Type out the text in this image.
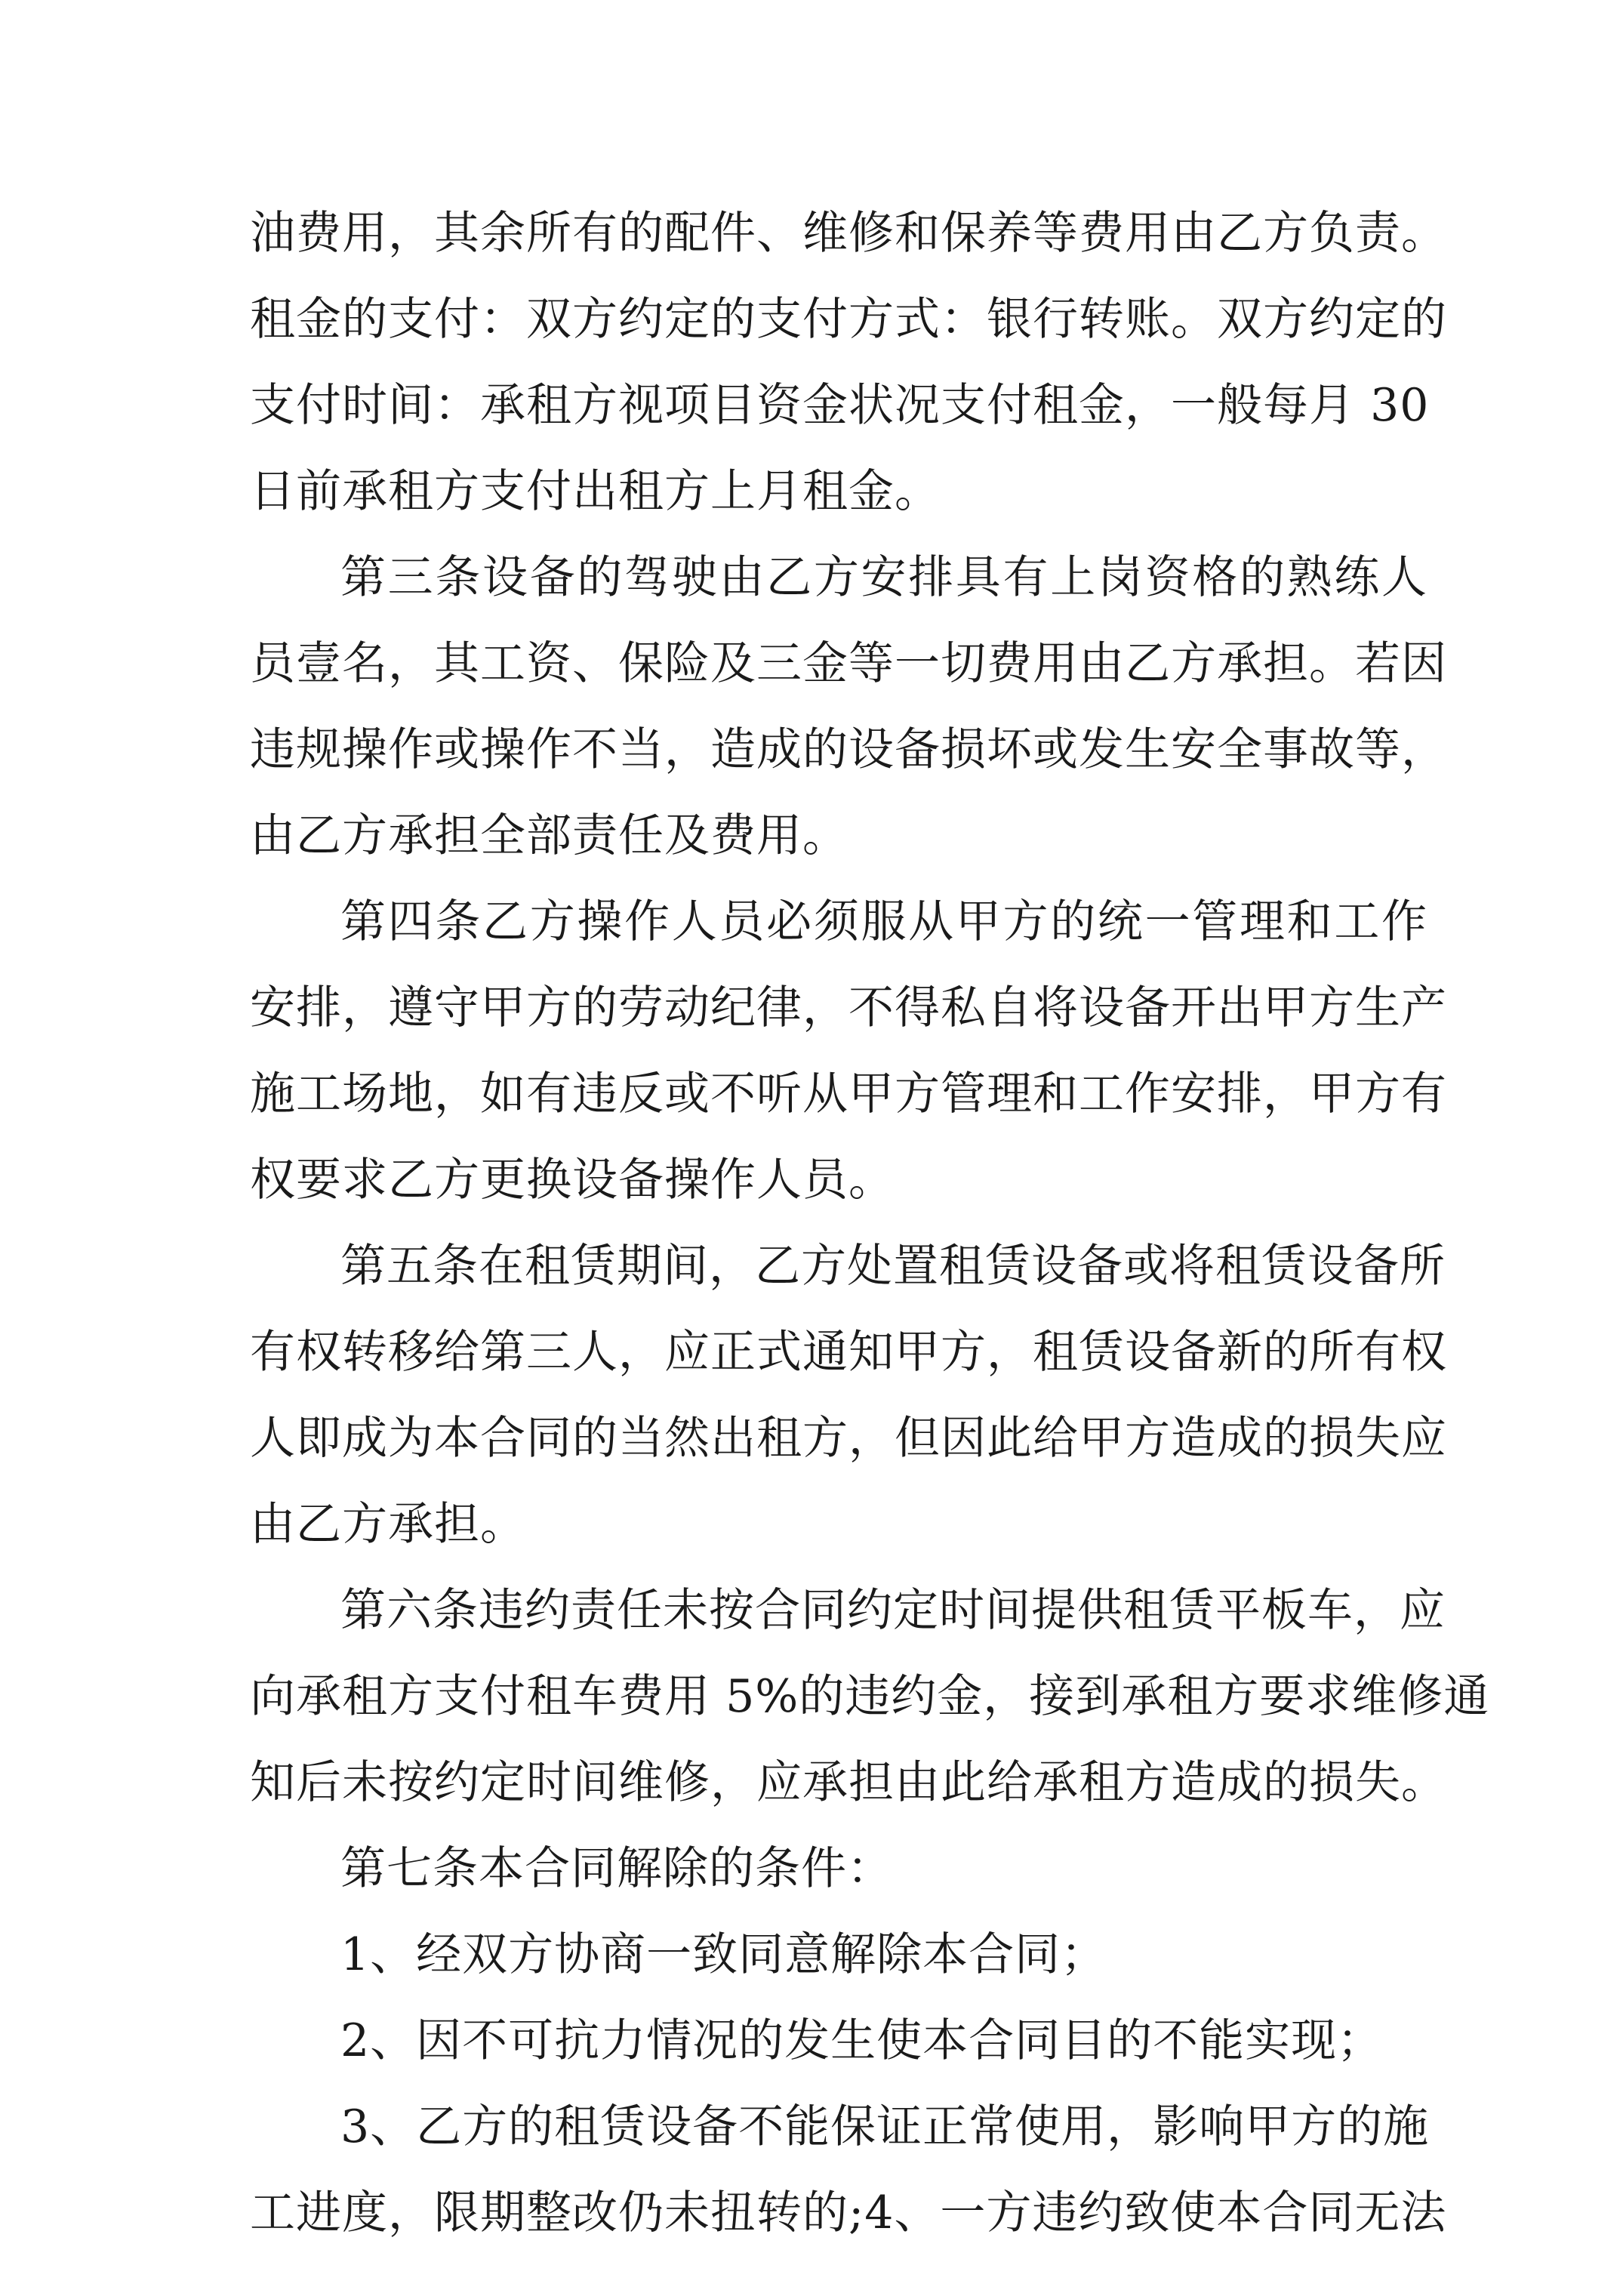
油费用，其余所有的配件、维修和保养等费用由乙方负责。
租金的支付：双方约定的支付方式：银行转账。双方约定的
支付时间：承租方视项目资金状况支付租金，一般每月 30
日前承租方支付出租方上月租金。
第三条设备的驾驶由乙方安排具有上岗资格的熟练人
员壹名，其工资、保险及三金等一切费用由乙方承担。若因
违规操作或操作不当，造成的设备损坏或发生安全事故等，
由乙方承担全部责任及费用。
第四条乙方操作人员必须服从甲方的统一管理和工作
安排，遵守甲方的劳动纪律，不得私自将设备开出甲方生产
施工场地，如有违反或不听从甲方管理和工作安排，甲方有
权要求乙方更换设备操作人员。
第五条在租赁期间，乙方处置租赁设备或将租赁设备所
有权转移给第三人，应正式通知甲方，租赁设备新的所有权
人即成为本合同的当然出租方，但因此给甲方造成的损失应
由乙方承担。
第六条违约责任未按合同约定时间提供租赁平板车，应
向承租方支付租车费用 5%的违约金，接到承租方要求维修通
知后未按约定时间维修，应承担由此给承租方造成的损失。
第七条本合同解除的条件：
1、经双方协商一致同意解除本合同；
2、因不可抗力情况的发生使本合同目的不能实现；
3、乙方的租赁设备不能保证正常使用，影响甲方的施
工进度，限期整改仍未扭转的;4、一方违约致使本合同无法
